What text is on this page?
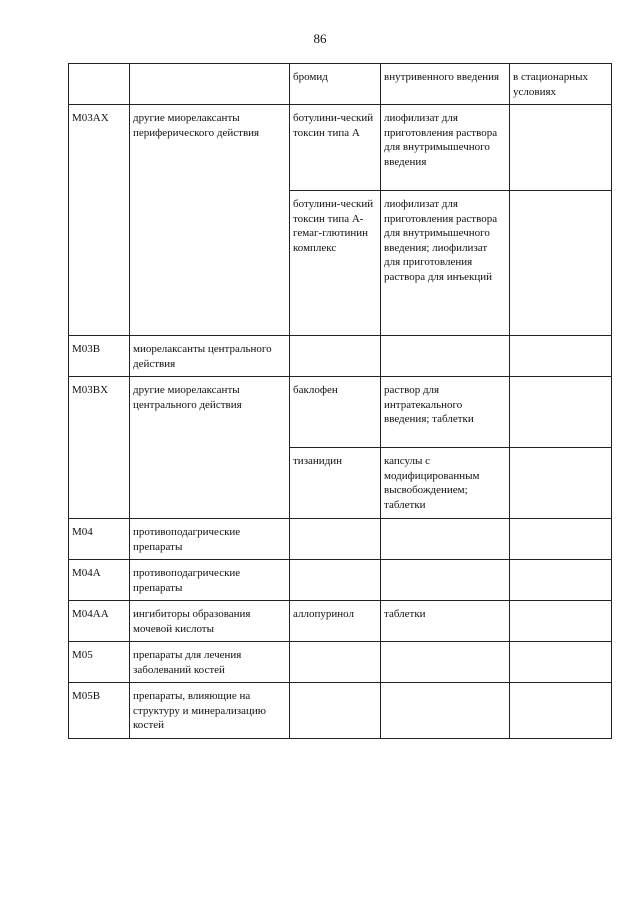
86
		бромид	внутривенного введения	в стационарных условиях
M03AX	другие миорелаксанты периферического действия	ботулини-ческий токсин типа А	лиофилизат для приготовления раствора для внутримышечного введения	
		ботулини-ческий токсин типа А-гемаг-глютинин комплекс	лиофилизат для приготовления раствора для внутримышечного введения; лиофилизат для приготовления раствора для инъекций	
M03B	миорелаксанты центрального действия			
M03BX	другие миорелаксанты центрального действия	баклофен	раствор для интратекального введения; таблетки	
		тизанидин	капсулы с модифицированным высвобождением; таблетки	
M04	противоподагрические препараты			
M04A	противоподагрические препараты			
M04AA	ингибиторы образования мочевой кислоты	аллопуринол	таблетки	
M05	препараты для лечения заболеваний костей			
M05B	препараты, влияющие на структуру и минерализацию костей			
